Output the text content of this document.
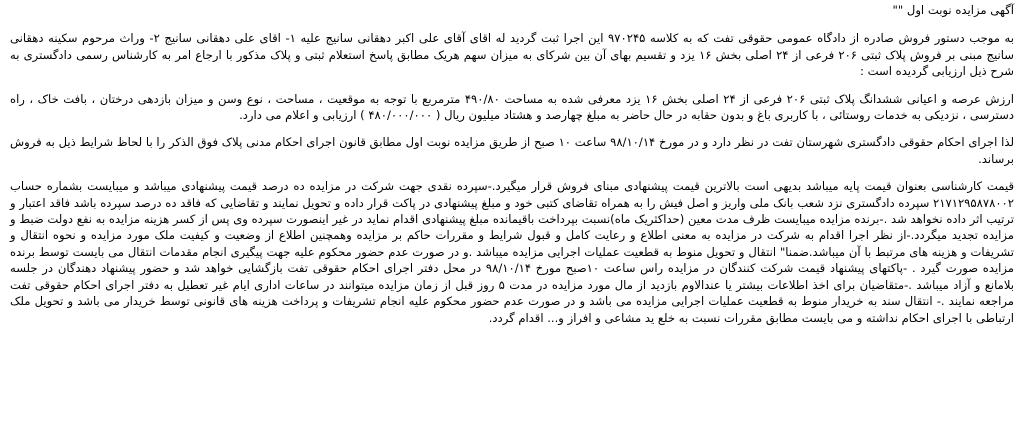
آگهی مزایده نوبت اول ""

به موجب دستور فروش صادره از دادگاه عمومی حقوقی تفت که به کلاسه ۹۷۰۲۴۵ این اجرا ثبت گردید له اقای آقای علی اکبر دهقانی سانیج علیه ۱- اقای علی دهقانی سانیج ۲- وراث مرحوم سکینه دهقانی سانیج مبنی بر فروش پلاک ثبتی ۲۰۶ فرعی از ۲۴ اصلی بخش ۱۶ یزد و تقسیم بهای آن بین شرکای به میزان سهم هریک مطابق پاسخ استعلام ثبتی و پلاک مذکور با ارجاع امر به کارشناس رسمی دادگستری به شرح ذیل ارزیابی گردیده است :

ارزش عرصه و اعیانی ششدانگ پلاک ثبتی ۲۰۶ فرعی از ۲۴ اصلی بخش ۱۶ یزد معرفی شده به مساحت ۴۹۰/۸۰ مترمربع با توجه به موقعیت ، مساحت ، نوع وسن و میزان بازدهی درختان ، بافت خاک ، راه دسترسی ، نزدیکی به خدمات روستائی ، با کاربری باغ و بدون حقابه در حال حاضر به مبلغ چهارصد و هشتاد میلیون ریال ( ۴۸۰/۰۰۰/۰۰۰ ) ارزیابی و اعلام می دارد.

لذا اجرای احکام حقوقی دادگستری شهرستان تفت در نظر دارد و در مورخ ۹۸/۱۰/۱۴ ساعت ۱۰ صبح از طریق مزایده نوبت اول مطابق قانون اجرای احکام مدنی پلاک فوق الذکر را با لحاظ شرایط ذیل به فروش برساند.

قیمت کارشناسی بعنوان قیمت پایه میباشد بدیهی است بالاترین قیمت پیشنهادی مبنای فروش قرار میگیرد.-سپرده نقدی جهت شرکت در مزایده ده درصد قیمت پیشنهادی میباشد و میبایست بشماره حساب ۲۱۷۱۲۹۵۸۷۸۰۰۲ سپرده دادگستری نزد شعب بانک ملی واریز و اصل فیش را به همراه تقاضای کتبی خود و مبلغ پیشنهادی در پاکت قرار داده و تحویل نمایند و تقاضایی که فاقد ده درصد سپرده باشد فاقد اعتبار و ترتیب اثر داده نخواهد شد .-برنده مزایده میبایست ظرف مدت معین (حداکثریک ماه)نسبت بپرداخت باقیمانده مبلغ پیشنهادی اقدام نماید در غیر اینصورت سپرده وی پس از کسر هزینه مزایده به نفع دولت ضبط و مزایده تجدید میگردد.-از نظر اجرا اقدام به شرکت در مزایده به معنی اطلاع و رعایت کامل و قبول شرایط و مقررات حاکم بر مزایده وهمچنین اطلاع از وضعیت و کیفیت ملک مورد مزایده و نحوه انتقال و تشریفات و هزینه های مرتبط با آن میباشد.ضمنا" انتقال و تحویل منوط به قطعیت عملیات اجرایی مزایده میباشد .و در صورت عدم حضور محکوم علیه جهت پیگیری انجام مقدمات انتقال می بایست توسط برنده مزایده صورت گیرد . -پاکتهای پیشنهاد قیمت شرکت کنندگان در مزایده راس ساعت ۱۰صبح مورخ ۹۸/۱۰/۱۴ در محل دفتر اجرای احکام حقوقی تفت بازگشایی خواهد شد و حضور پیشنهاد دهندگان در جلسه بلامانع و آزاد میباشد .-متقاضیان برای اخذ اطلاعات بیشتر یا عندالاوم بازدید از مال مورد مزایده در مدت ۵ روز قبل از زمان مزایده میتوانند در ساعات اداری ایام غیر تعطیل به دفتر اجرای احکام حقوقی تفت مراجعه نمایند .- انتقال سند به خریدار منوط به قطعیت عملیات اجرایی مزایده می باشد و در صورت عدم حضور محکوم علیه انجام تشریفات و پرداخت هزینه های قانونی توسط خریدار می باشد و تحویل ملک ارتباطی با اجرای احکام نداشته و می بایست مطابق مقررات نسبت به خلع ید مشاعی و افراز و... اقدام گردد.
